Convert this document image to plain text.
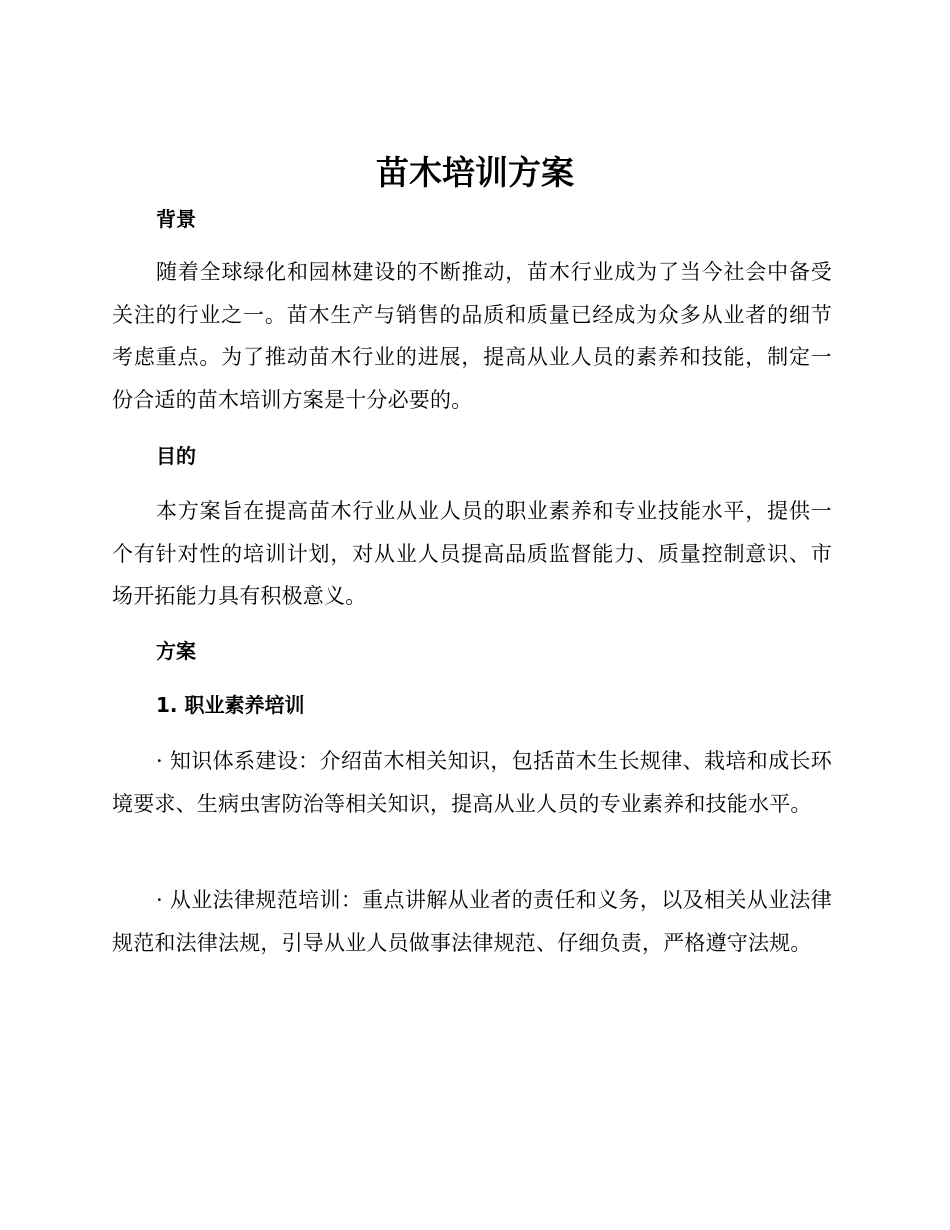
苗木培训方案
背景

随着全球绿化和园林建设的不断推动，苗木行业成为了当今社会中备受关注的行业之一。苗木生产与销售的品质和质量已经成为众多从业者的细节考虑重点。为了推动苗木行业的进展，提高从业人员的素养和技能，制定一份合适的苗木培训方案是十分必要的。

目的

本方案旨在提高苗木行业从业人员的职业素养和专业技能水平，提供一个有针对性的培训计划，对从业人员提高品质监督能力、质量控制意识、市场开拓能力具有积极意义。

方案
1. 职业素养培训

· 知识体系建设：介绍苗木相关知识，包括苗木生长规律、栽培和成长环境要求、生病虫害防治等相关知识，提高从业人员的专业素养和技能水平。

· 从业法律规范培训：重点讲解从业者的责任和义务，以及相关从业法律规范和法律法规，引导从业人员做事法律规范、仔细负责，严格遵守法规。
